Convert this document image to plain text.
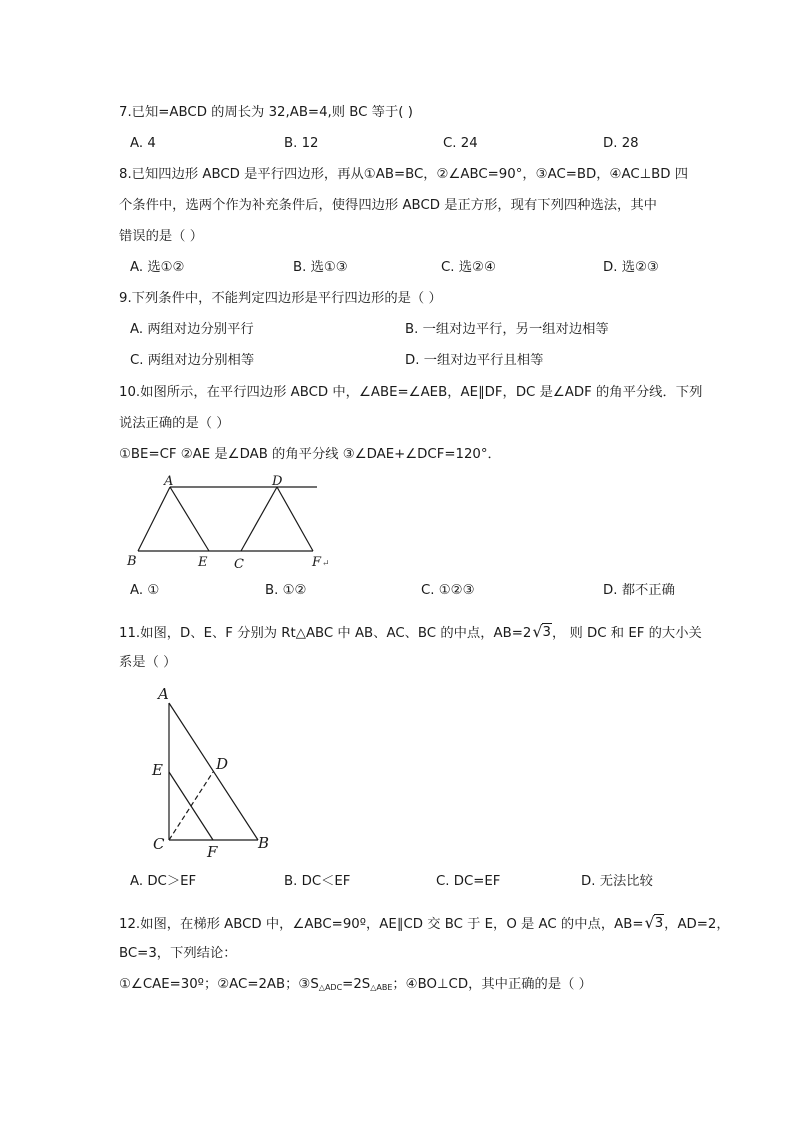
7.已知=ABCD 的周长为 32,AB=4,则 BC 等于( )
A. 4	B. 12	C. 24	D. 28
8.已知四边形 ABCD 是平行四边形，再从①AB=BC，②∠ABC=90°，③AC=BD，④AC⊥BD 四
个条件中，选两个作为补充条件后，使得四边形 ABCD 是正方形，现有下列四种选法，其中
错误的是（ ）
A. 选①②	B. 选①③	C. 选②④	D. 选②③
9.下列条件中，不能判定四边形是平行四边形的是（ ）
A. 两组对边分别平行	B. 一组对边平行，另一组对边相等
C. 两组对边分别相等	D. 一组对边平行且相等
10.如图所示，在平行四边形 ABCD 中，∠ABE=∠AEB，AE∥DF，DC 是∠ADF 的角平分线．下列
说法正确的是（ ）
①BE=CF ②AE 是∠DAB 的角平分线 ③∠DAE+∠DCF=120°．
A	D
B	E C	F ↵
A. ①	B. ①②	C. ①②③	D. 都不正确
11.如图，D、E、F 分别为 Rt△ABC 中 AB、AC、BC 的中点，AB=2√3， 则 DC 和 EF 的大小关
系是（ ）
A
E	D
C	F	B
A. DC＞EF	B. DC＜EF	C. DC=EF	D. 无法比较
12.如图，在梯形 ABCD 中，∠ABC=90º，AE∥CD 交 BC 于 E，O 是 AC 的中点，AB=√3，AD=2，
BC=3，下列结论：
①∠CAE=30º；②AC=2AB；$③S_{\triangle ADC}=2S_{\triangle ABE}$；④BO⊥CD，其中正确的是（ ）
